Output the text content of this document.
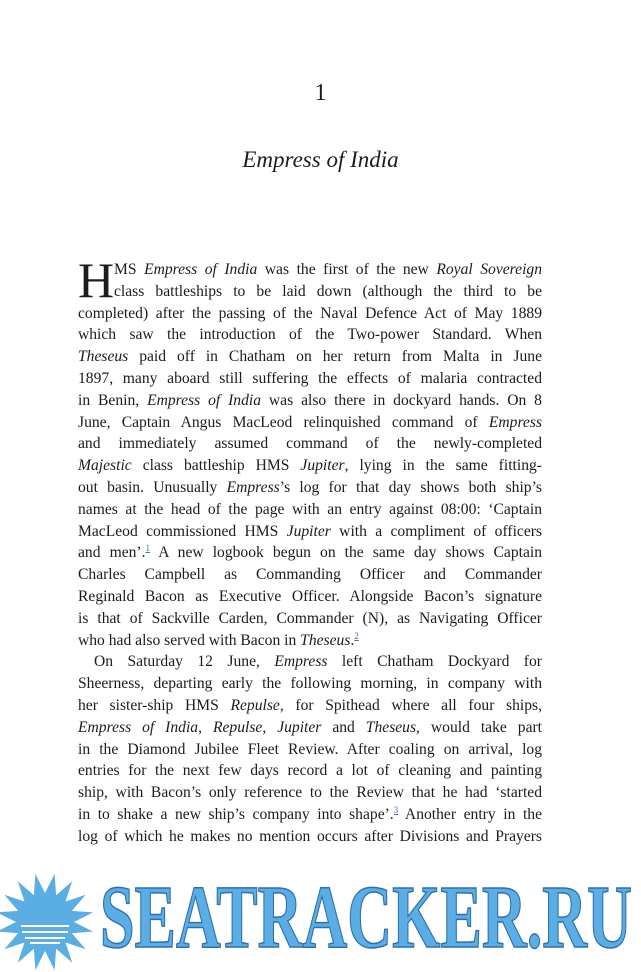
1
Empress of India
H MS Empress of India was the first of the new Royal Sovereign
class battleships to be laid down (although the third to be
completed) after the passing of the Naval Defence Act of May 1889
which saw the introduction of the Two-power Standard. When
Theseus paid off in Chatham on her return from Malta in June
1897, many aboard still suffering the effects of malaria contracted
in Benin, Empress of India was also there in dockyard hands. On 8
June, Captain Angus MacLeod relinquished command of Empress
and immediately assumed command of the newly-completed
Majestic class battleship HMS Jupiter, lying in the same fitting-
out basin. Unusually Empress’s log for that day shows both ship’s
names at the head of the page with an entry against 08:00: ‘Captain
MacLeod commissioned HMS Jupiter with a compliment of officers
and men’.$^1$ A new logbook begun on the same day shows Captain
Charles Campbell as Commanding Officer and Commander
Reginald Bacon as Executive Officer. Alongside Bacon’s signature
is that of Sackville Carden, Commander (N), as Navigating Officer
who had also served with Bacon in Theseus.$^2$
On Saturday 12 June, Empress left Chatham Dockyard for
Sheerness, departing early the following morning, in company with
her sister-ship HMS Repulse, for Spithead where all four ships,
Empress of India, Repulse, Jupiter and Theseus, would take part
in the Diamond Jubilee Fleet Review. After coaling on arrival, log
entries for the next few days record a lot of cleaning and painting
ship, with Bacon’s only reference to the Review that he had ‘started
in to shake a new ship’s company into shape’.$^3$ Another entry in the
log of which he makes no mention occurs after Divisions and Prayers
SEATRACKER.RU
